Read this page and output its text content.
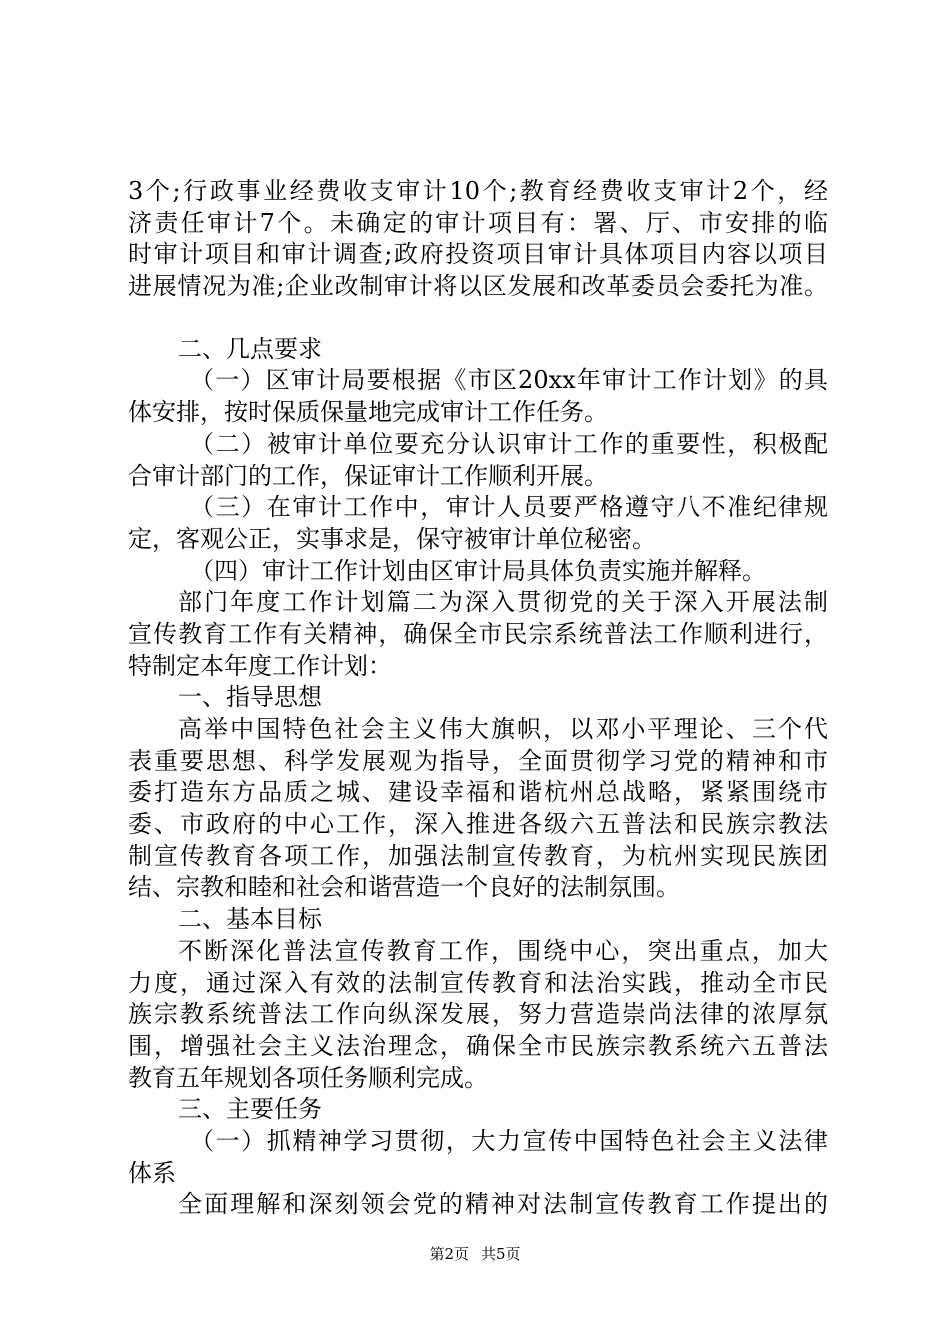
3个;行政事业经费收支审计10个;教育经费收支审计2个，经
济责任审计7个。未确定的审计项目有：署、厅、市安排的临
时审计项目和审计调查;政府投资项目审计具体项目内容以项目
进展情况为准;企业改制审计将以区发展和改革委员会委托为准。
二、几点要求
（一）区审计局要根据《市区20xx年审计工作计划》的具
体安排，按时保质保量地完成审计工作任务。
（二）被审计单位要充分认识审计工作的重要性，积极配
合审计部门的工作，保证审计工作顺利开展。
（三）在审计工作中，审计人员要严格遵守八不准纪律规
定，客观公正，实事求是，保守被审计单位秘密。
（四）审计工作计划由区审计局具体负责实施并解释。
部门年度工作计划篇二为深入贯彻党的关于深入开展法制
宣传教育工作有关精神，确保全市民宗系统普法工作顺利进行，
特制定本年度工作计划：
一、指导思想
高举中国特色社会主义伟大旗帜，以邓小平理论、三个代
表重要思想、科学发展观为指导，全面贯彻学习党的精神和市
委打造东方品质之城、建设幸福和谐杭州总战略，紧紧围绕市
委、市政府的中心工作，深入推进各级六五普法和民族宗教法
制宣传教育各项工作，加强法制宣传教育，为杭州实现民族团
结、宗教和睦和社会和谐营造一个良好的法制氛围。
二、基本目标
不断深化普法宣传教育工作，围绕中心，突出重点，加大
力度，通过深入有效的法制宣传教育和法治实践，推动全市民
族宗教系统普法工作向纵深发展，努力营造崇尚法律的浓厚氛
围，增强社会主义法治理念，确保全市民族宗教系统六五普法
教育五年规划各项任务顺利完成。
三、主要任务
（一）抓精神学习贯彻，大力宣传中国特色社会主义法律
体系
全面理解和深刻领会党的精神对法制宣传教育工作提出的
第2页 共5页
